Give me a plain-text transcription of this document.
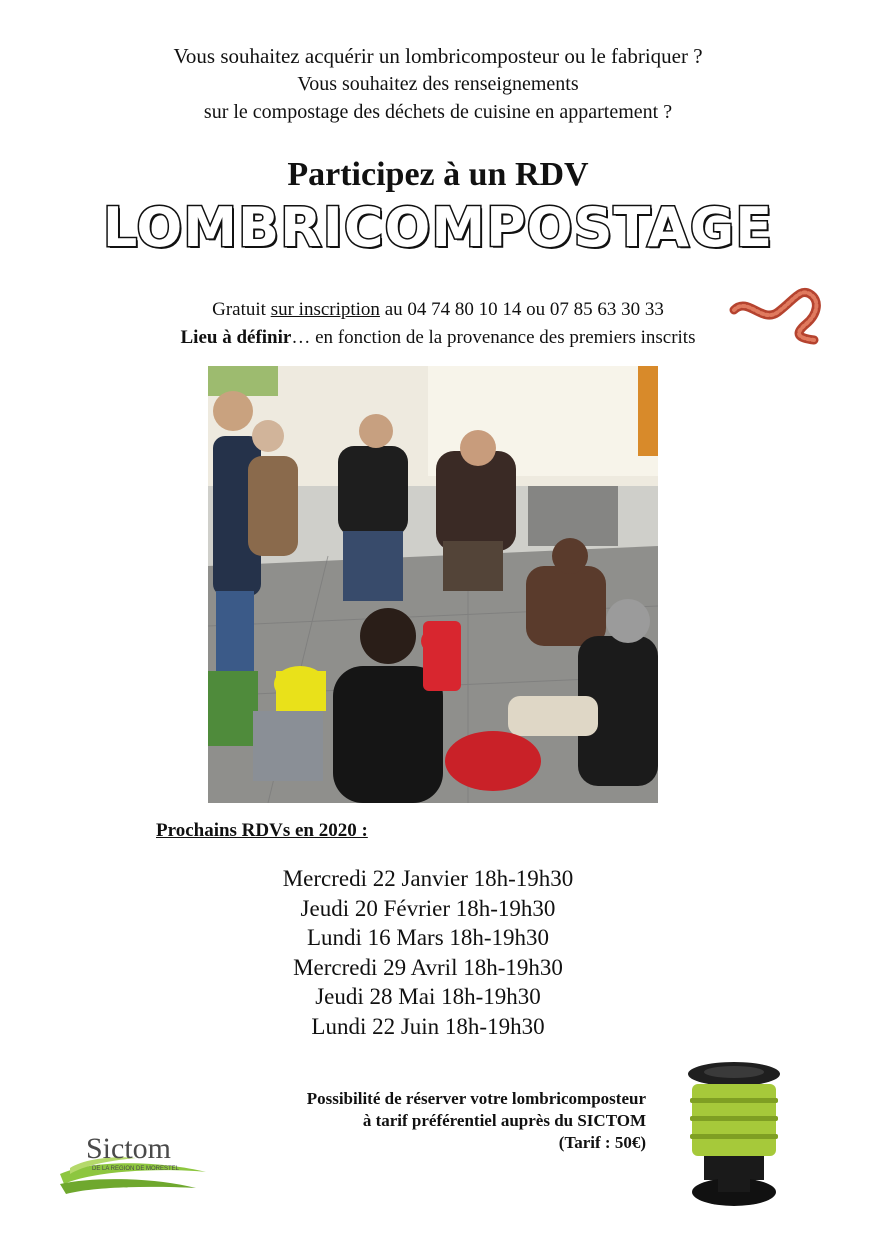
Vous souhaitez acquérir un lombricomposteur ou le fabriquer ?
Vous souhaitez des renseignements
sur le compostage des déchets de cuisine en appartement ?
Participez à un RDV
LOMBRICOMPOSTAGE
Gratuit sur inscription au 04 74 80 10 14 ou 07 85 63 30 33
Lieu à définir… en fonction de la provenance des premiers inscrits
Prochains RDVs en 2020 :
Mercredi 22 Janvier 18h-19h30
Jeudi 20 Février 18h-19h30
Lundi 16 Mars 18h-19h30
Mercredi 29 Avril 18h-19h30
Jeudi 28 Mai 18h-19h30
Lundi 22 Juin 18h-19h30
Possibilité de réserver votre lombricomposteur
à tarif préférentiel auprès du SICTOM
(Tarif : 50€)
Sictom
DE LA REGION DE MORESTEL
